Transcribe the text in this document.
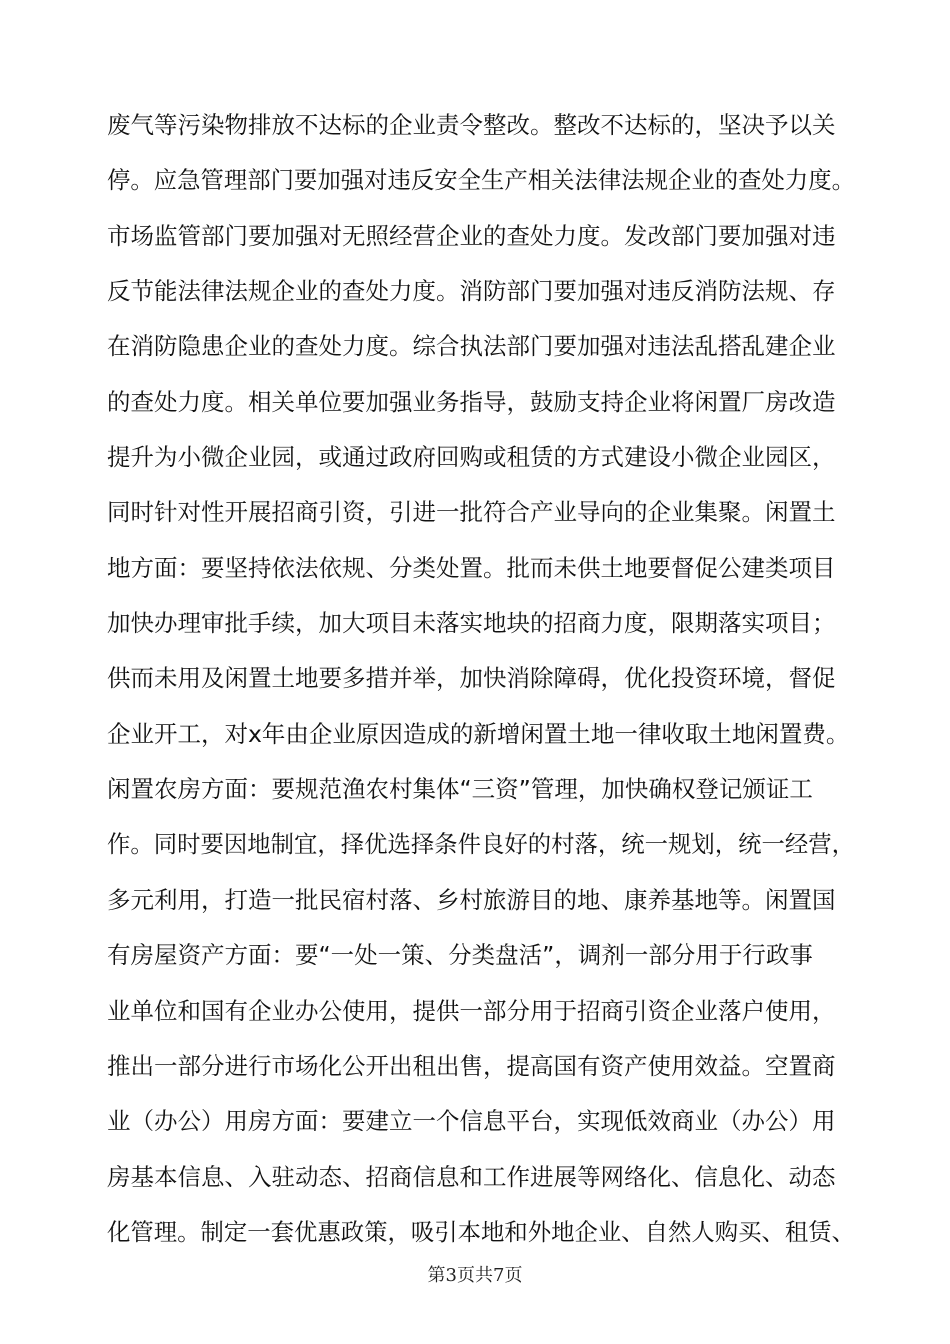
废气等污染物排放不达标的企业责令整改。整改不达标的，坚决予以关
停。应急管理部门要加强对违反安全生产相关法律法规企业的查处力度。
市场监管部门要加强对无照经营企业的查处力度。发改部门要加强对违
反节能法律法规企业的查处力度。消防部门要加强对违反消防法规、存
在消防隐患企业的查处力度。综合执法部门要加强对违法乱搭乱建企业
的查处力度。相关单位要加强业务指导，鼓励支持企业将闲置厂房改造
提升为小微企业园，或通过政府回购或租赁的方式建设小微企业园区，
同时针对性开展招商引资，引进一批符合产业导向的企业集聚。闲置土
地方面：要坚持依法依规、分类处置。批而未供土地要督促公建类项目
加快办理审批手续，加大项目未落实地块的招商力度，限期落实项目；
供而未用及闲置土地要多措并举，加快消除障碍，优化投资环境，督促
企业开工，对x年由企业原因造成的新增闲置土地一律收取土地闲置费。
闲置农房方面：要规范渔农村集体“三资”管理，加快确权登记颁证工
作。同时要因地制宜，择优选择条件良好的村落，统一规划，统一经营，
多元利用，打造一批民宿村落、乡村旅游目的地、康养基地等。闲置国
有房屋资产方面：要“一处一策、分类盘活”，调剂一部分用于行政事
业单位和国有企业办公使用，提供一部分用于招商引资企业落户使用，
推出一部分进行市场化公开出租出售，提高国有资产使用效益。空置商
业（办公）用房方面：要建立一个信息平台，实现低效商业（办公）用
房基本信息、入驻动态、招商信息和工作进展等网络化、信息化、动态
化管理。制定一套优惠政策，吸引本地和外地企业、自然人购买、租赁、
第3页共7页
